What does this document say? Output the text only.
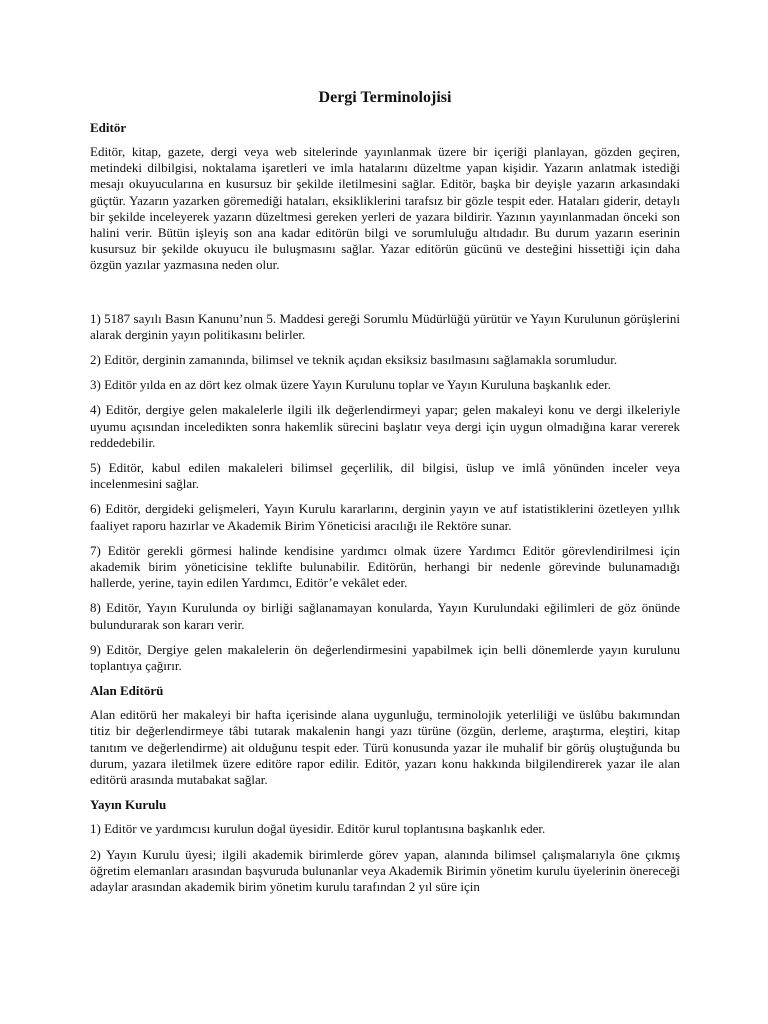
Dergi Terminolojisi
Editör

Editör, kitap, gazete, dergi veya web sitelerinde yayınlanmak üzere bir içeriği planlayan, gözden geçiren, metindeki dilbilgisi, noktalama işaretleri ve imla hatalarını düzeltme yapan kişidir. Yazarın anlatmak istediği mesajı okuyucularına en kusursuz bir şekilde iletilmesini sağlar. Editör, başka bir deyişle yazarın arkasındaki güçtür. Yazarın yazarken göremediği hataları, eksikliklerini tarafsız bir gözle tespit eder. Hataları giderir, detaylı bir şekilde inceleyerek yazarın düzeltmesi gereken yerleri de yazara bildirir. Yazının yayınlanmadan önceki son halini verir. Bütün işleyiş son ana kadar editörün bilgi ve sorumluluğu altıdadır. Bu durum yazarın eserinin kusursuz bir şekilde okuyucu ile buluşmasını sağlar. Yazar editörün gücünü ve desteğini hissettiği için daha özgün yazılar yazmasına neden olur.

1) 5187 sayılı Basın Kanunu’nun 5. Maddesi gereği Sorumlu Müdürlüğü yürütür ve Yayın Kurulunun görüşlerini alarak derginin yayın politikasını belirler.

2) Editör, derginin zamanında, bilimsel ve teknik açıdan eksiksiz basılmasını sağlamakla sorumludur.

3) Editör yılda en az dört kez olmak üzere Yayın Kurulunu toplar ve Yayın Kuruluna başkanlık eder.

4) Editör, dergiye gelen makalelerle ilgili ilk değerlendirmeyi yapar; gelen makaleyi konu ve dergi ilkeleriyle uyumu açısından inceledikten sonra hakemlik sürecini başlatır veya dergi için uygun olmadığına karar vererek reddedebilir.

5) Editör, kabul edilen makaleleri bilimsel geçerlilik, dil bilgisi, üslup ve imlâ yönünden inceler veya incelenmesini sağlar.

6) Editör, dergideki gelişmeleri, Yayın Kurulu kararlarını, derginin yayın ve atıf istatistiklerini özetleyen yıllık faaliyet raporu hazırlar ve Akademik Birim Yöneticisi aracılığı ile Rektöre sunar.

7) Editör gerekli görmesi halinde kendisine yardımcı olmak üzere Yardımcı Editör görevlendirilmesi için akademik birim yöneticisine teklifte bulunabilir. Editörün, herhangi bir nedenle görevinde bulunamadığı hallerde, yerine, tayin edilen Yardımcı, Editör’e vekâlet eder.

8) Editör, Yayın Kurulunda oy birliği sağlanamayan konularda, Yayın Kurulundaki eğilimleri de göz önünde bulundurarak son kararı verir.

9) Editör, Dergiye gelen makalelerin ön değerlendirmesini yapabilmek için belli dönemlerde yayın kurulunu toplantıya çağırır.

Alan Editörü

Alan editörü her makaleyi bir hafta içerisinde alana uygunluğu, terminolojik yeterliliği ve üslûbu bakımından titiz bir değerlendirmeye tâbi tutarak makalenin hangi yazı türüne (özgün, derleme, araştırma, eleştiri, kitap tanıtım ve değerlendirme) ait olduğunu tespit eder. Türü konusunda yazar ile muhalif bir görüş oluştuğunda bu durum, yazara iletilmek üzere editöre rapor edilir. Editör, yazarı konu hakkında bilgilendirerek yazar ile alan editörü arasında mutabakat sağlar.

Yayın Kurulu

1) Editör ve yardımcısı kurulun doğal üyesidir. Editör kurul toplantısına başkanlık eder.

2) Yayın Kurulu üyesi; ilgili akademik birimlerde görev yapan, alanında bilimsel çalışmalarıyla öne çıkmış öğretim elemanları arasından başvuruda bulunanlar veya Akademik Birimin yönetim kurulu üyelerinin önereceği adaylar arasından akademik birim yönetim kurulu tarafından 2 yıl süre için
